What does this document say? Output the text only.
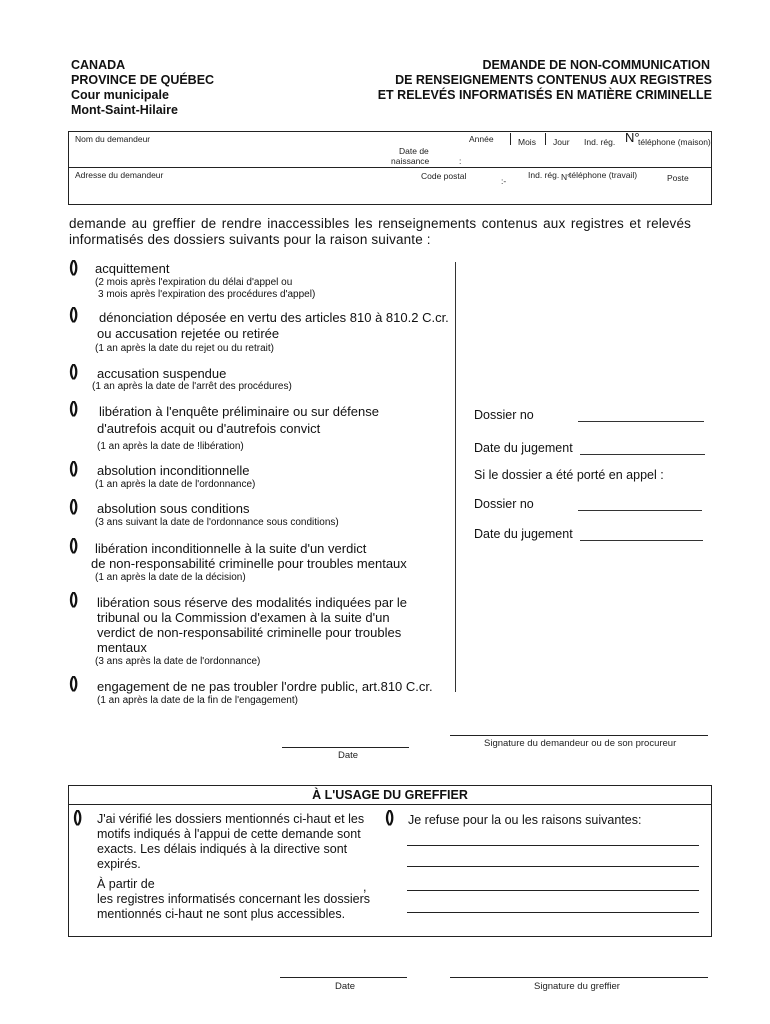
CANADA
PROVINCE DE QUÉBEC
Cour municipale
Mont-Saint-Hilaire
DEMANDE DE NON-COMMUNICATION
DE RENSEIGNEMENTS CONTENUS AUX REGISTRES
ET RELEVÉS INFORMATISÉS EN MATIÈRE CRIMINELLE
Nom du demandeur	Année	Mois Jour Ind. rég. N°
téléphone (maison)
Date de
naissance	:
Adresse du demandeur	Code postal	:-
Ind. rég. N°
téléphone (travail)	Poste
demande au greffier de rendre inaccessibles les renseignements contenus aux registres et relevés informatisés des dossiers suivants pour la raison suivante :
() acquittement
(2 mois après l'expiration du délai d'appel ou
3 mois après l'expiration des procédures d'appel)
() dénonciation déposée en vertu des articles 810 à 810.2 C.cr.
ou accusation rejetée ou retirée
(1 an après la date du rejet ou du retrait)
() accusation suspendue
(1 an après la date de l'arrêt des procédures)
() libération à l'enquête préliminaire ou sur défense
d'autrefois acquit ou d'autrefois convict
(1 an après la date de !libération)
() absolution inconditionnelle
(1 an après la date de l'ordonnance)
() absolution sous conditions
(3 ans suivant la date de l'ordonnance sous conditions)
() libération inconditionnelle à la suite d'un verdict
de non-responsabilité criminelle pour troubles mentaux
(1 an après la date de la décision)
() libération sous réserve des modalités indiquées par le
tribunal ou la Commission d'examen à la suite d'un
verdict de non-responsabilité criminelle pour troubles
mentaux
(3 ans après la date de l'ordonnance)
() engagement de ne pas troubler l'ordre public, art.810 C.cr.
(1 an après la date de la fin de l'engagement)
Dossier no
Date du jugement
Si le dossier a été porté en appel :
Dossier no
Date du jugement
Date
Signature du demandeur ou de son procureur
À L'USAGE DU GREFFIER
() J'ai vérifié les dossiers mentionnés ci-haut et les motifs indiqués à l'appui de cette demande sont exacts. Les délais indiqués à la directive sont expirés.
À partir de	,
les registres informatisés concernant les dossiers mentionnés ci-haut ne sont plus accessibles.
() Je refuse pour la ou les raisons suivantes:
Date	Signature du greffier
